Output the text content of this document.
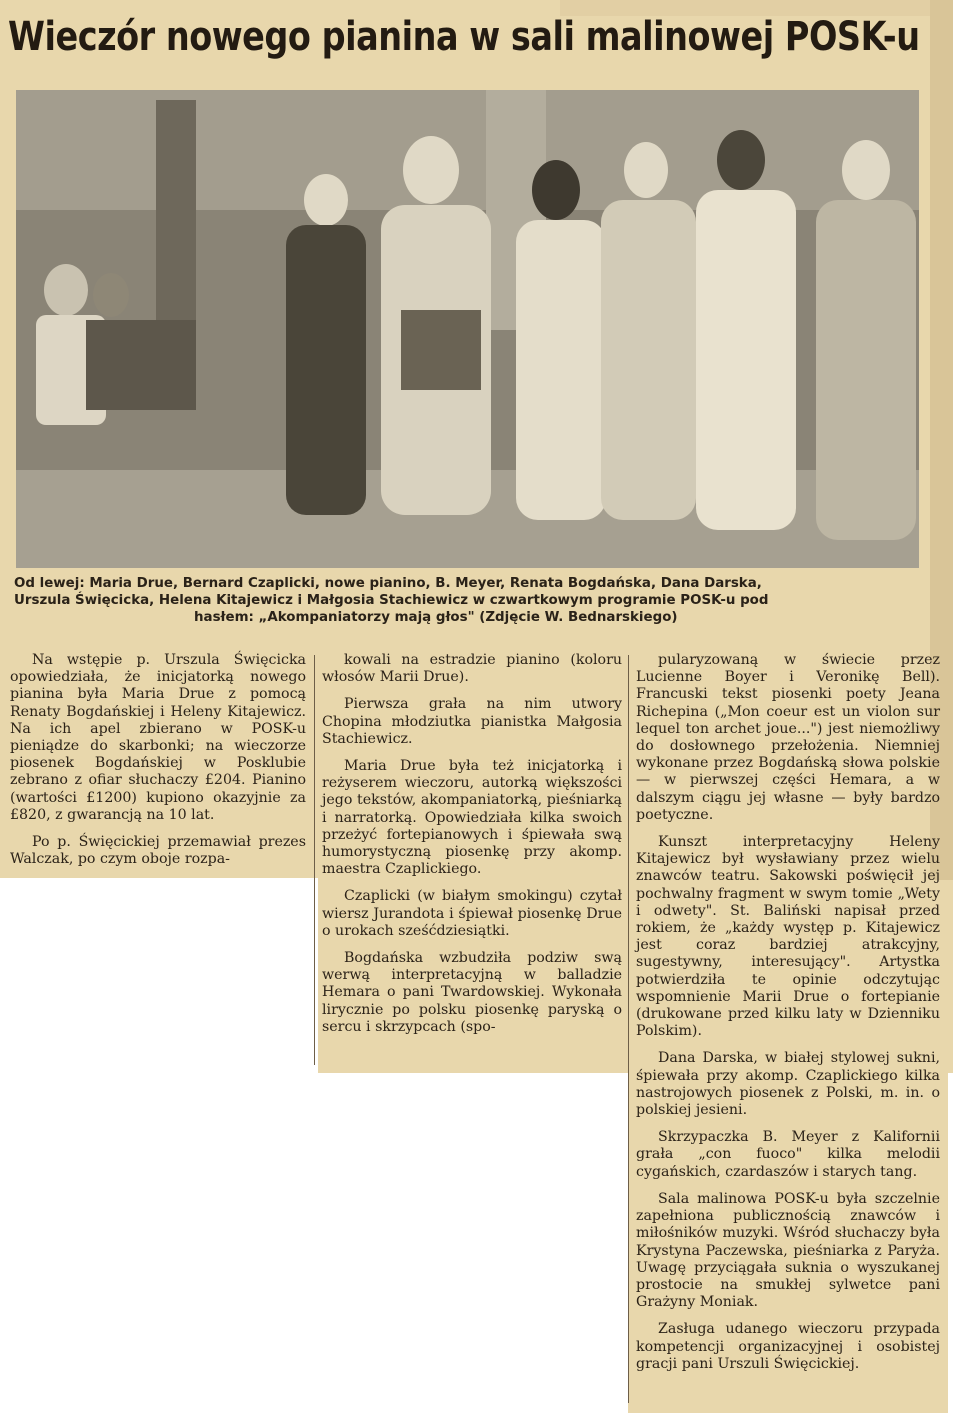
Wieczór nowego pianina w sali malinowej POSK-u
Od lewej: Maria Drue, Bernard Czaplicki, nowe pianino, B. Meyer, Renata Bogdańska, Dana Darska,
Urszula Święcicka, Helena Kitajewicz i Małgosia Stachiewicz w czwartkowym programie POSK-u pod
hasłem: „Akompaniatorzy mają głos" (Zdjęcie W. Bednarskiego)

Na wstępie p. Urszula Święcicka opowiedziała, że inicjatorką nowego pianina była Maria Drue z pomocą Renaty Bogdańskiej i Heleny Kitajewicz. Na ich apel zbierano w POSK-u pieniądze do skarbonki; na wieczorze piosenek Bogdańskiej w Posklubie zebrano z ofiar słuchaczy £204. Pianino (wartości £1200) kupiono okazyjnie za £820, z gwarancją na 10 lat.

Po p. Święcickiej przemawiał prezes Walczak, po czym oboje rozpa-

kowali na estradzie pianino (koloru włosów Marii Drue).

Pierwsza grała na nim utwory Chopina młodziutka pianistka Małgosia Stachiewicz.

Maria Drue była też inicjatorką i reżyserem wieczoru, autorką większości jego tekstów, akompaniatorką, pieśniarką i narratorką. Opowiedziała kilka swoich przeżyć fortepianowych i śpiewała swą humorystyczną piosenkę przy akomp. maestra Czaplickiego.

Czaplicki (w białym smokingu) czytał wiersz Jurandota i śpiewał piosenkę Drue o urokach sześćdziesiątki.

Bogdańska wzbudziła podziw swą werwą interpretacyjną w balladzie Hemara o pani Twardowskiej. Wykonała lirycznie po polsku piosenkę paryską o sercu i skrzypcach (spo-

pularyzowaną w świecie przez Lucienne Boyer i Veronikę Bell). Francuski tekst piosenki poety Jeana Richepina („Mon coeur est un violon sur lequel ton archet joue...") jest niemożliwy do dosłownego przełożenia. Niemniej wykonane przez Bogdańską słowa polskie — w pierwszej części Hemara, a w dalszym ciągu jej własne — były bardzo poetyczne.

Kunszt interpretacyjny Heleny Kitajewicz był wysławiany przez wielu znawców teatru. Sakowski poświęcił jej pochwalny fragment w swym tomie „Wety i odwety". St. Baliński napisał przed rokiem, że „każdy występ p. Kitajewicz jest coraz bardziej atrakcyjny, sugestywny, interesujący". Artystka potwierdziła te opinie odczytując wspomnienie Marii Drue o fortepianie (drukowane przed kilku laty w Dzienniku Polskim).

Dana Darska, w białej stylowej sukni, śpiewała przy akomp. Czaplickiego kilka nastrojowych piosenek z Polski, m. in. o polskiej jesieni.

Skrzypaczka B. Meyer z Kalifornii grała „con fuoco" kilka melodii cygańskich, czardaszów i starych tang.

Sala malinowa POSK-u była szczelnie zapełniona publicznością znawców i miłośników muzyki. Wśród słuchaczy była Krystyna Paczewska, pieśniarka z Paryża. Uwagę przyciągała suknia o wyszukanej prostocie na smukłej sylwetce pani Grażyny Moniak.

Zasługa udanego wieczoru przypada kompetencji organizacyjnej i osobistej gracji pani Urszuli Święcickiej.
